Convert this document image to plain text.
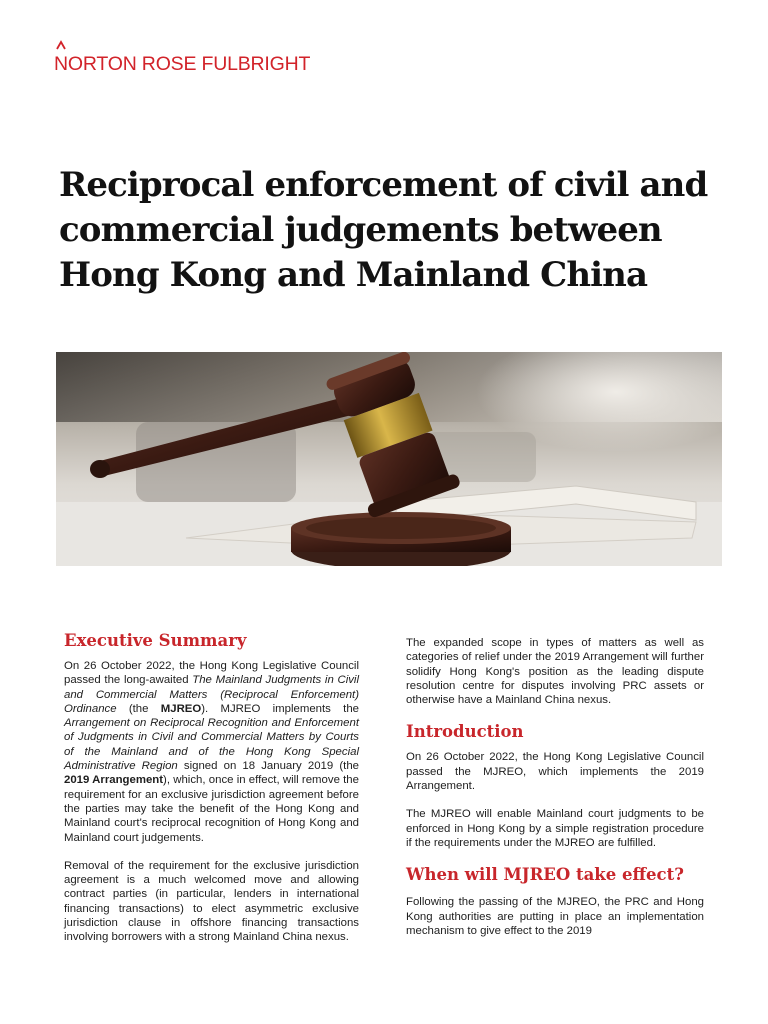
NORTON ROSE FULBRIGHT
Reciprocal enforcement of civil and commercial judgements between Hong Kong and Mainland China
Executive Summary

On 26 October 2022, the Hong Kong Legislative Council passed the long-awaited The Mainland Judgments in Civil and Commercial Matters (Reciprocal Enforcement) Ordinance (the MJREO). MJREO implements the Arrangement on Reciprocal Recognition and Enforcement of Judgments in Civil and Commercial Matters by Courts of the Mainland and of the Hong Kong Special Administrative Region signed on 18 January 2019 (the 2019 Arrangement), which, once in effect, will remove the requirement for an exclusive jurisdiction agreement before the parties may take the benefit of the Hong Kong and Mainland court's reciprocal recognition of Hong Kong and Mainland court judgements.

Removal of the requirement for the exclusive jurisdiction agreement is a much welcomed move and allowing contract parties (in particular, lenders in international financing transactions) to elect asymmetric exclusive jurisdiction clause in offshore financing transactions involving borrowers with a strong Mainland China nexus.

The expanded scope in types of matters as well as categories of relief under the 2019 Arrangement will further solidify Hong Kong's position as the leading dispute resolution centre for disputes involving PRC assets or otherwise have a Mainland China nexus.

Introduction

On 26 October 2022, the Hong Kong Legislative Council passed the MJREO, which implements the 2019 Arrangement.

The MJREO will enable Mainland court judgments to be enforced in Hong Kong by a simple registration procedure if the requirements under the MJREO are fulfilled.

When will MJREO take effect?

Following the passing of the MJREO, the PRC and Hong Kong authorities are putting in place an implementation mechanism to give effect to the 2019
